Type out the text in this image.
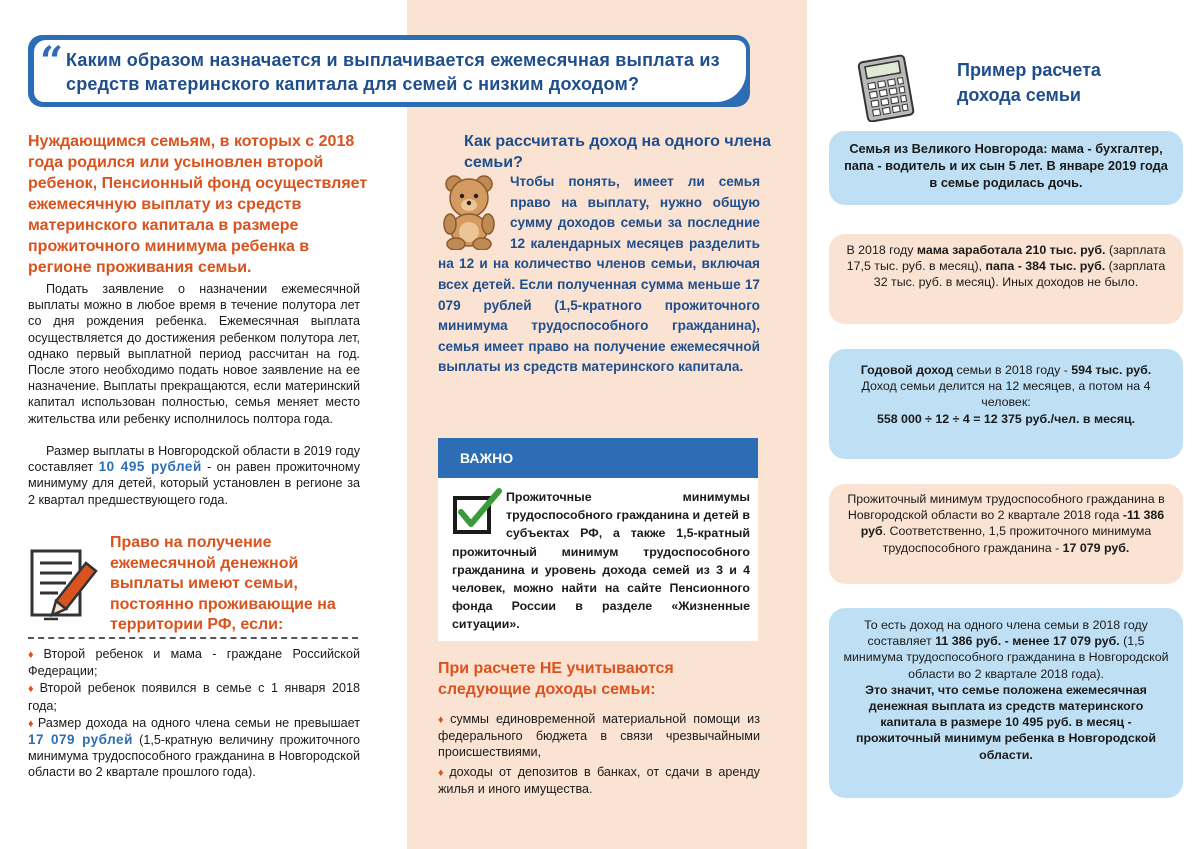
“ Каким образом назначается и выплачивается ежемесячная выплата из средств материнского капитала для семей с низким доходом?
Нуждающимся семьям, в которых с 2018 года родился или усыновлен второй ребенок, Пенсионный фонд осуществляет ежемесячную выплату из средств материнского капитала в размере прожиточного минимума ребенка в регионе проживания семьи.

Подать заявление о назначении ежемесячной выплаты можно в любое время в течение полутора лет со дня рождения ребенка. Ежемесячная выплата осуществляется до достижения ребенком полутора лет, однако первый выплатной период рассчитан на год. После этого необходимо подать новое заявление на ее назначение. Выплаты прекращаются, если материнский капитал использован полностью, семья меняет место жительства или ребенку исполнилось полтора года.

Размер выплаты в Новгородской области в 2019 году составляет 10 495 рублей - он равен прожиточному минимуму для детей, который установлен в регионе за 2 квартал предшествующего года.

Право на получение ежемесячной денежной выплаты имеют семьи, постоянно проживающие на территории РФ, если:
♦ Второй ребенок и мама - граждане Российской Федерации;
♦ Второй ребенок появился в семье с 1 января 2018 года;
♦ Размер дохода на одного члена семьи не превышает 17 079 рублей (1,5-кратную величину прожиточного минимума трудоспособного гражданина в Новгородской области во 2 квартале прошлого года).
Как рассчитать доход на одного члена семьи?
Чтобы понять, имеет ли семья право на выплату, нужно общую сумму доходов семьи за последние 12 календарных месяцев разделить на 12 и на количество членов семьи, включая всех детей. Если полученная сумма меньше 17 079 рублей (1,5-кратного прожиточного минимума трудоспособного гражданина), семья имеет право на получение ежемесячной выплаты из средств материнского капитала.
ВАЖНО
Прожиточные минимумы трудоспособного гражданина и детей в субъектах РФ, а также 1,5-кратный прожиточный минимум трудоспособного гражданина и уровень дохода семей из 3 и 4 человек, можно найти на сайте Пенсионного фонда России в разделе «Жизненные ситуации».
При расчете НЕ учитываются следующие доходы семьи:
♦ суммы единовременной материальной помощи из федерального бюджета в связи чрезвычайными происшествиями,
♦ доходы от депозитов в банках, от сдачи в аренду жилья и иного имущества.
Пример расчета дохода семьи
Семья из Великого Новгорода: мама - бухгалтер, папа - водитель и их сын 5 лет. В январе 2019 года в семье родилась дочь.
В 2018 году мама заработала 210 тыс. руб. (зарплата 17,5 тыс. руб. в месяц), папа - 384 тыс. руб. (зарплата 32 тыс. руб. в месяц). Иных доходов не было.
Годовой доход семьи в 2018 году - 594 тыс. руб. Доход семьи делится на 12 месяцев, а потом на 4 человек:
558 000 ÷ 12 ÷ 4 = 12 375 руб./чел. в месяц.
Прожиточный минимум трудоспособного гражданина в Новгородской области во 2 квартале 2018 года -11 386 руб. Соответственно, 1,5 прожиточного минимума трудоспособного гражданина - 17 079 руб.
То есть доход на одного члена семьи в 2018 году составляет 11 386 руб. - менее 17 079 руб. (1,5 минимума трудоспособного гражданина в Новгородской области во 2 квартале 2018 года).
Это значит, что семье положена ежемесячная денежная выплата из средств материнского капитала в размере 10 495 руб. в месяц - прожиточный минимум ребенка в Новгородской области.
